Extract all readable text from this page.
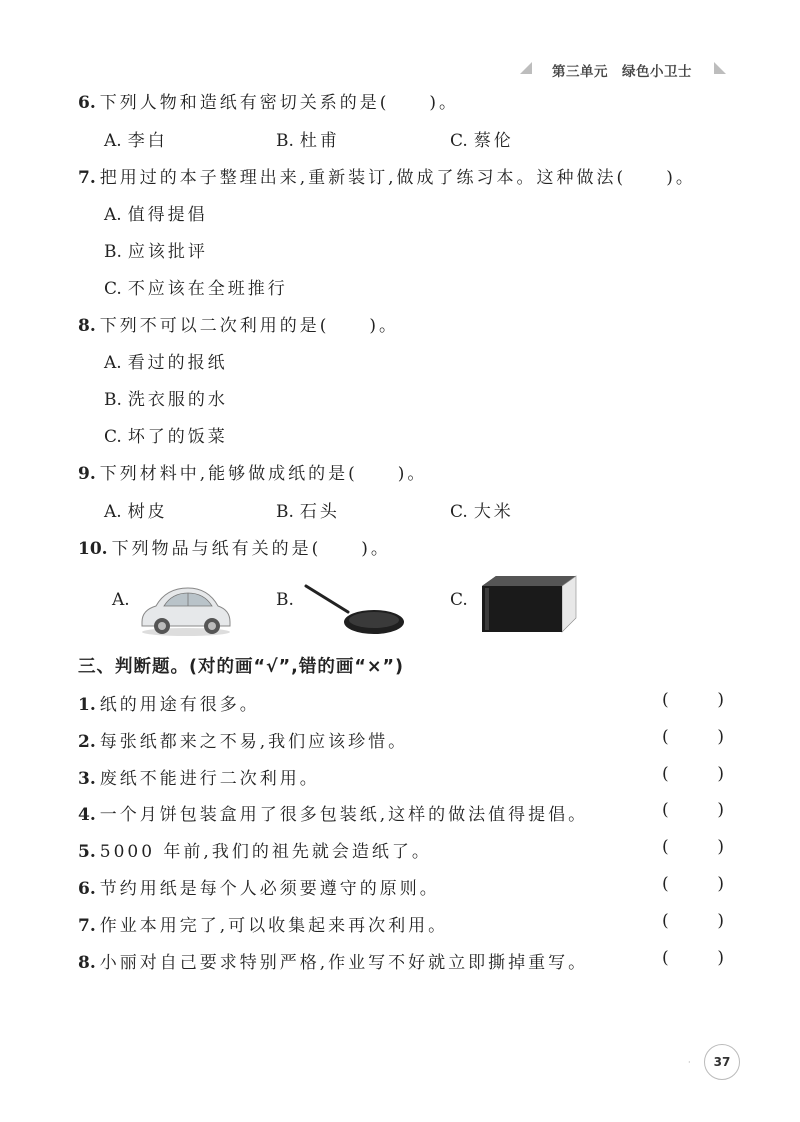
第三单元 绿色小卫士
6. 下列人物和造纸有密切关系的是(　　)。
A. 李白	B. 杜甫	C. 蔡伦
7. 把用过的本子整理出来,重新装订,做成了练习本。这种做法(　　)。
A. 值得提倡
B. 应该批评
C. 不应该在全班推行
8. 下列不可以二次利用的是(　　)。
A. 看过的报纸
B. 洗衣服的水
C. 坏了的饭菜
9. 下列材料中,能够做成纸的是(　　)。
A. 树皮	B. 石头	C. 大米
10. 下列物品与纸有关的是(　　)。
A.	B.	C.
三、判断题。(对的画“√”,错的画“×”)
1. 纸的用途有很多。	(	)
2. 每张纸都来之不易,我们应该珍惜。	(	)
3. 废纸不能进行二次利用。	(	)
4. 一个月饼包装盒用了很多包装纸,这样的做法值得提倡。	(	)
5. 5000 年前,我们的祖先就会造纸了。	(	)
6. 节约用纸是每个人必须要遵守的原则。	(	)
7. 作业本用完了,可以收集起来再次利用。	(	)
8. 小丽对自己要求特别严格,作业写不好就立即撕掉重写。	(	)
·	37
